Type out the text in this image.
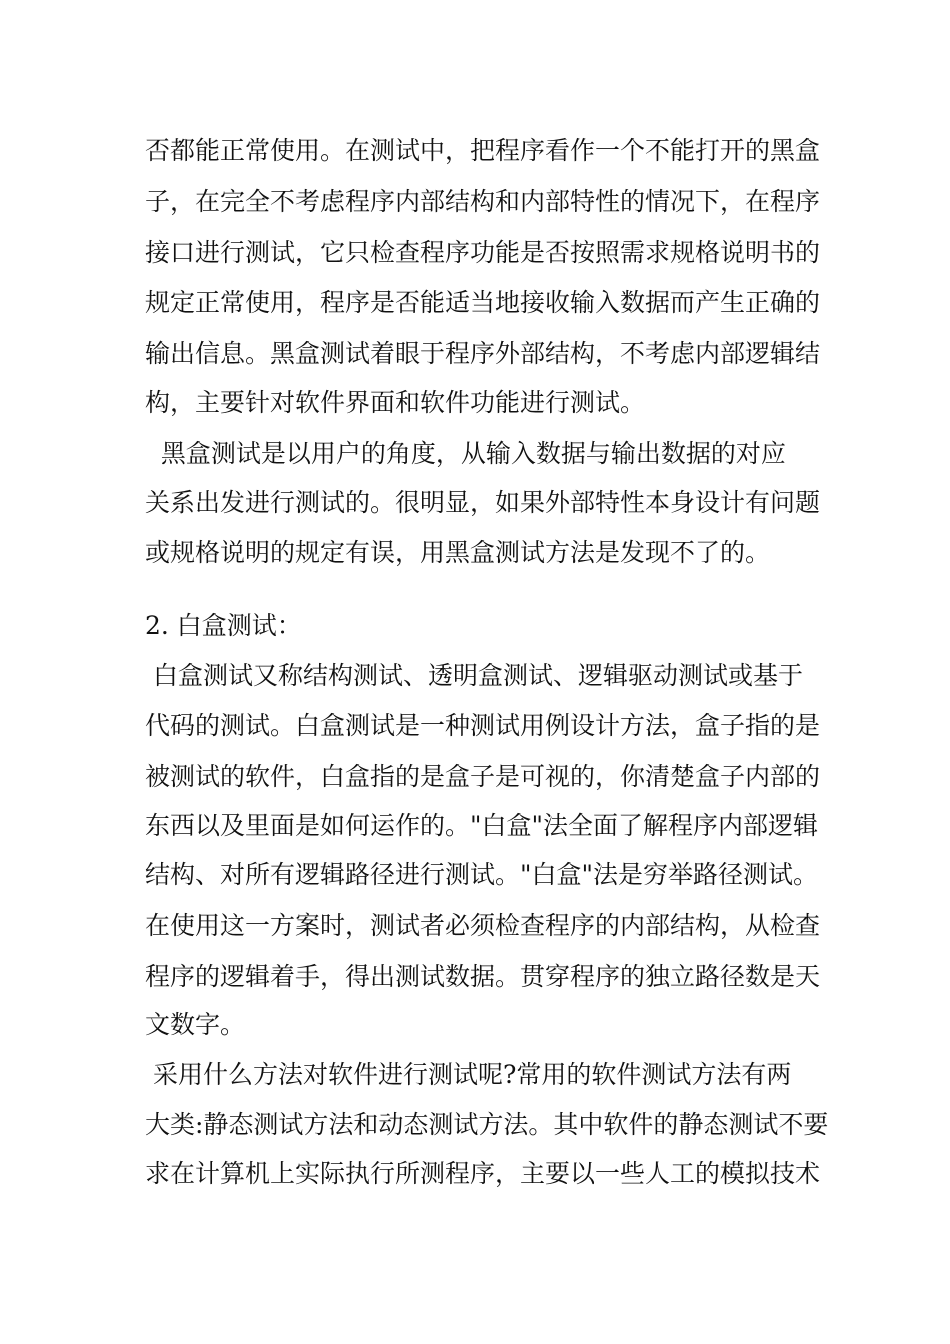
否都能正常使用。在测试中，把程序看作一个不能打开的黑盒

子，在完全不考虑程序内部结构和内部特性的情况下，在程序

接口进行测试，它只检查程序功能是否按照需求规格说明书的

规定正常使用，程序是否能适当地接收输入数据而产生正确的

输出信息。黑盒测试着眼于程序外部结构，不考虑内部逻辑结

构，主要针对软件界面和软件功能进行测试。

黑盒测试是以用户的角度，从输入数据与输出数据的对应

关系出发进行测试的。很明显，如果外部特性本身设计有问题

或规格说明的规定有误，用黑盒测试方法是发现不了的。

2. 白盒测试：

白盒测试又称结构测试、透明盒测试、逻辑驱动测试或基于

代码的测试。白盒测试是一种测试用例设计方法，盒子指的是

被测试的软件，白盒指的是盒子是可视的，你清楚盒子内部的

东西以及里面是如何运作的。"白盒"法全面了解程序内部逻辑

结构、对所有逻辑路径进行测试。"白盒"法是穷举路径测试。

在使用这一方案时，测试者必须检查程序的内部结构，从检查

程序的逻辑着手，得出测试数据。贯穿程序的独立路径数是天

文数字。

采用什么方法对软件进行测试呢?常用的软件测试方法有两

大类:静态测试方法和动态测试方法。其中软件的静态测试不要

求在计算机上实际执行所测程序，主要以一些人工的模拟技术
